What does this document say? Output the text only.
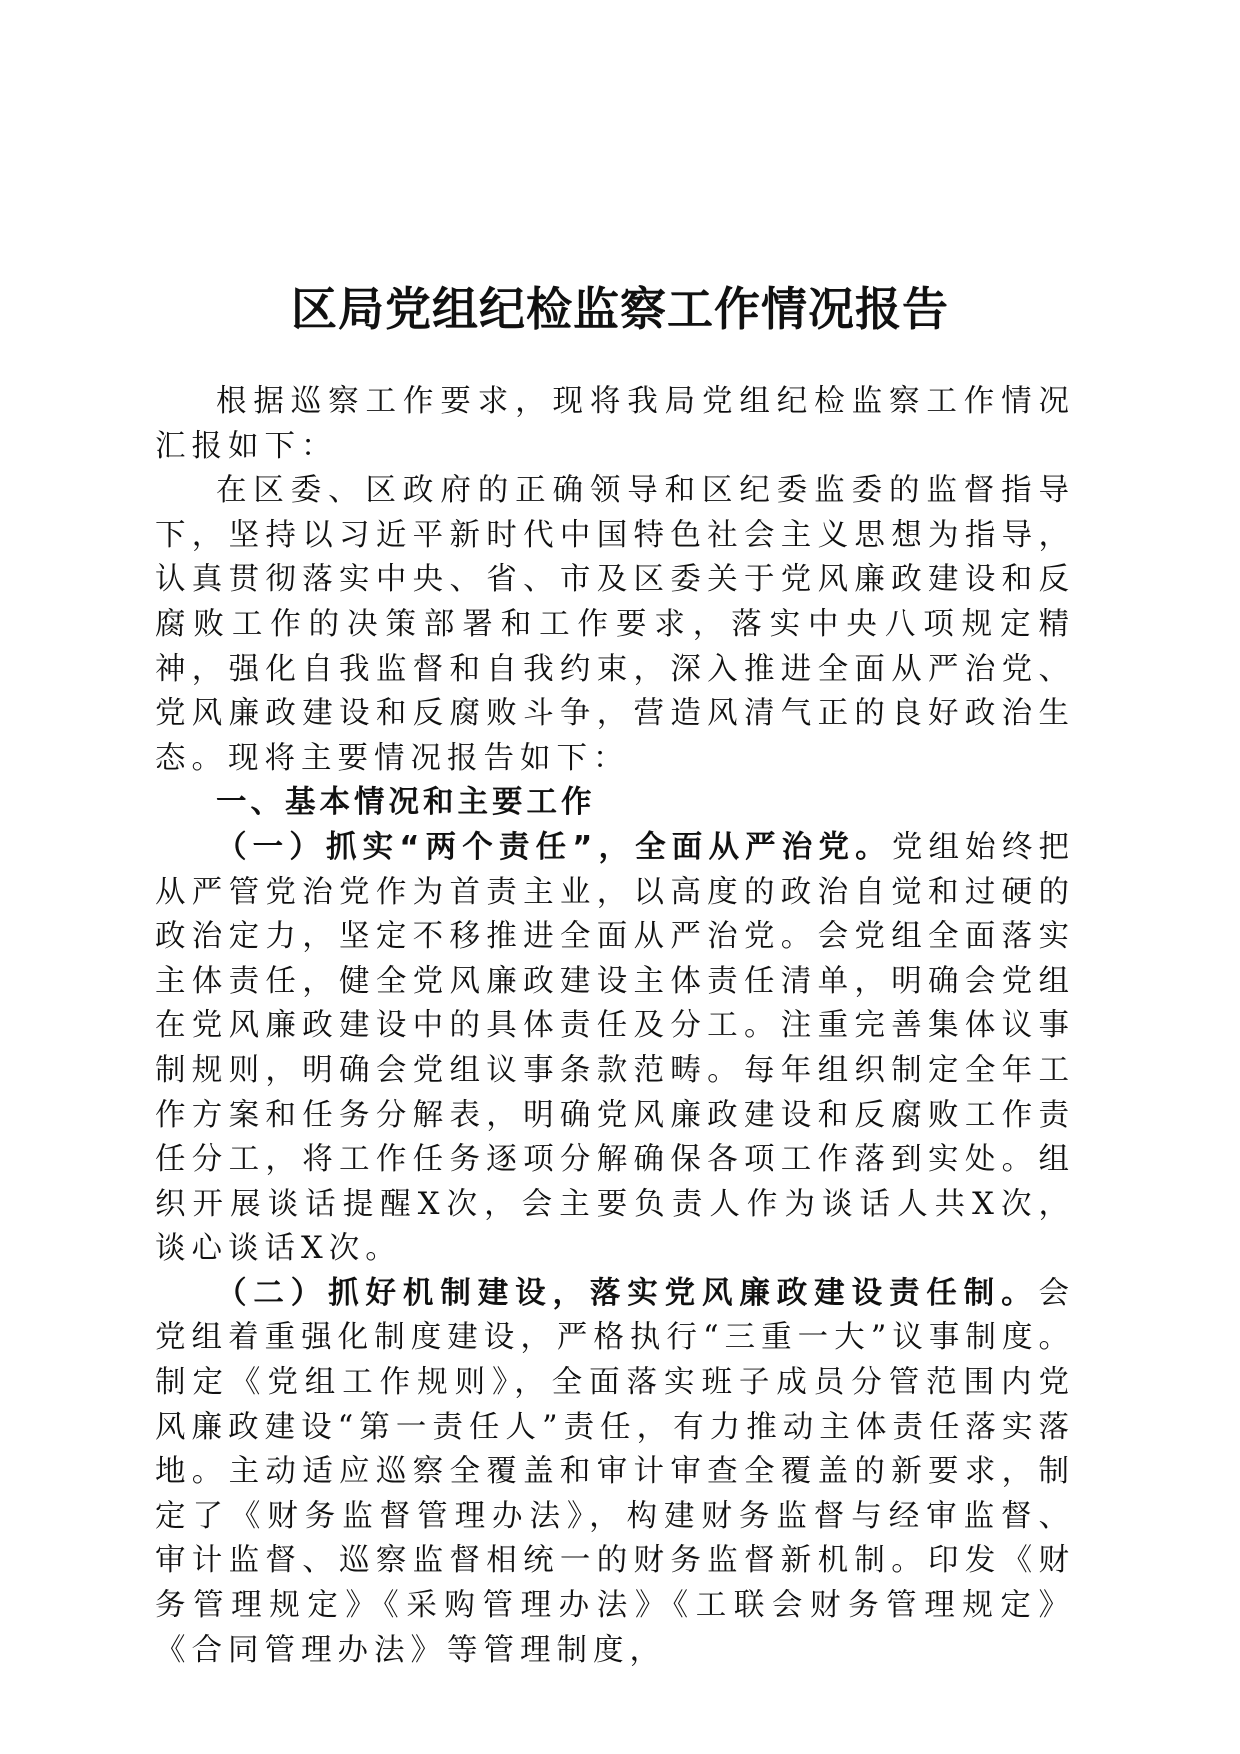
区局党组纪检监察工作情况报告

根据巡察工作要求，现将我局党组纪检监察工作情况汇报如下：

在区委、区政府的正确领导和区纪委监委的监督指导下，坚持以习近平新时代中国特色社会主义思想为指导，认真贯彻落实中央、省、市及区委关于党风廉政建设和反腐败工作的决策部署和工作要求，落实中央八项规定精神，强化自我监督和自我约束，深入推进全面从严治党、党风廉政建设和反腐败斗争，营造风清气正的良好政治生态。现将主要情况报告如下：

一、基本情况和主要工作

（一）抓实“两个责任”，全面从严治党。党组始终把从严管党治党作为首责主业，以高度的政治自觉和过硬的政治定力，坚定不移推进全面从严治党。会党组全面落实主体责任，健全党风廉政建设主体责任清单，明确会党组在党风廉政建设中的具体责任及分工。注重完善集体议事制规则，明确会党组议事条款范畴。每年组织制定全年工作方案和任务分解表，明确党风廉政建设和反腐败工作责任分工，将工作任务逐项分解确保各项工作落到实处。组织开展谈话提醒X次，会主要负责人作为谈话人共X次，谈心谈话X次。

（二）抓好机制建设，落实党风廉政建设责任制。会党组着重强化制度建设，严格执行“三重一大”议事制度。制定《党组工作规则》，全面落实班子成员分管范围内党风廉政建设“第一责任人”责任，有力推动主体责任落实落地。主动适应巡察全覆盖和审计审查全覆盖的新要求，制定了《财务监督管理办法》，构建财务监督与经审监督、审计监督、巡察监督相统一的财务监督新机制。印发《财务管理规定》《采购管理办法》《工联会财务管理规定》《合同管理办法》等管理制度，
